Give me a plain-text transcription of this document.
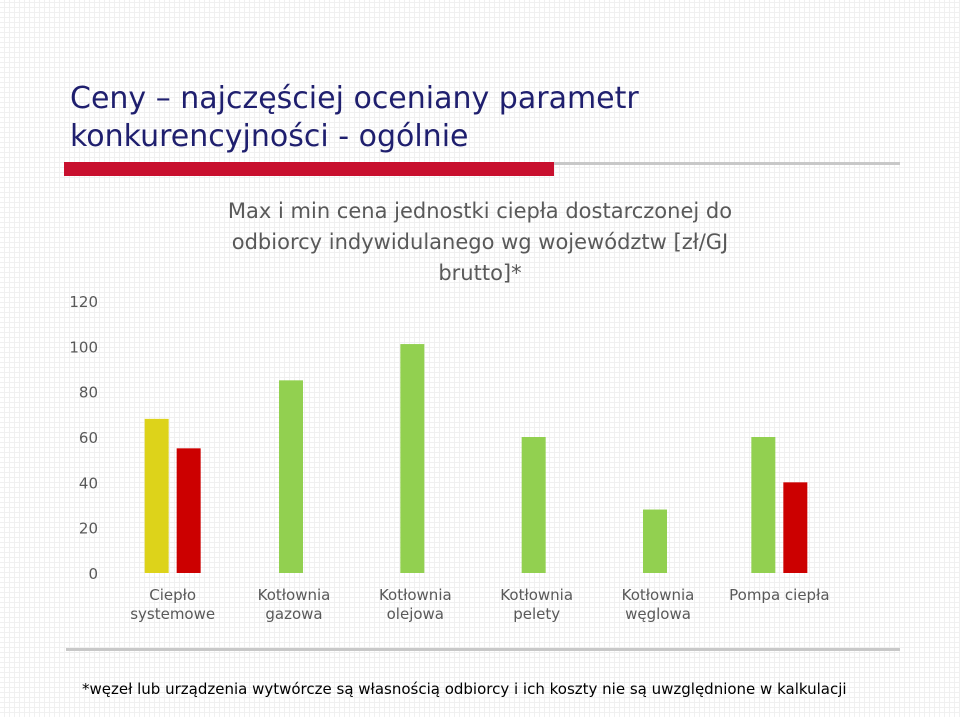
Ceny – najczęściej oceniany parametr
konkurencyjności - ogólnie
Max i min cena jednostki ciepła dostarczonej do
odbiorcy indywidulanego wg województw [zł/GJ
brutto]*
0
20
40
60
80
100
120
Ciepło
systemowe
Kotłownia
gazowa
Kotłownia
olejowa
Kotłownia
pelety
Kotłownia
węglowa
Pompa ciepła

*węzeł lub urządzenia wytwórcze są własnością odbiorcy i ich koszty nie są uwzględnione w kalkulacji
